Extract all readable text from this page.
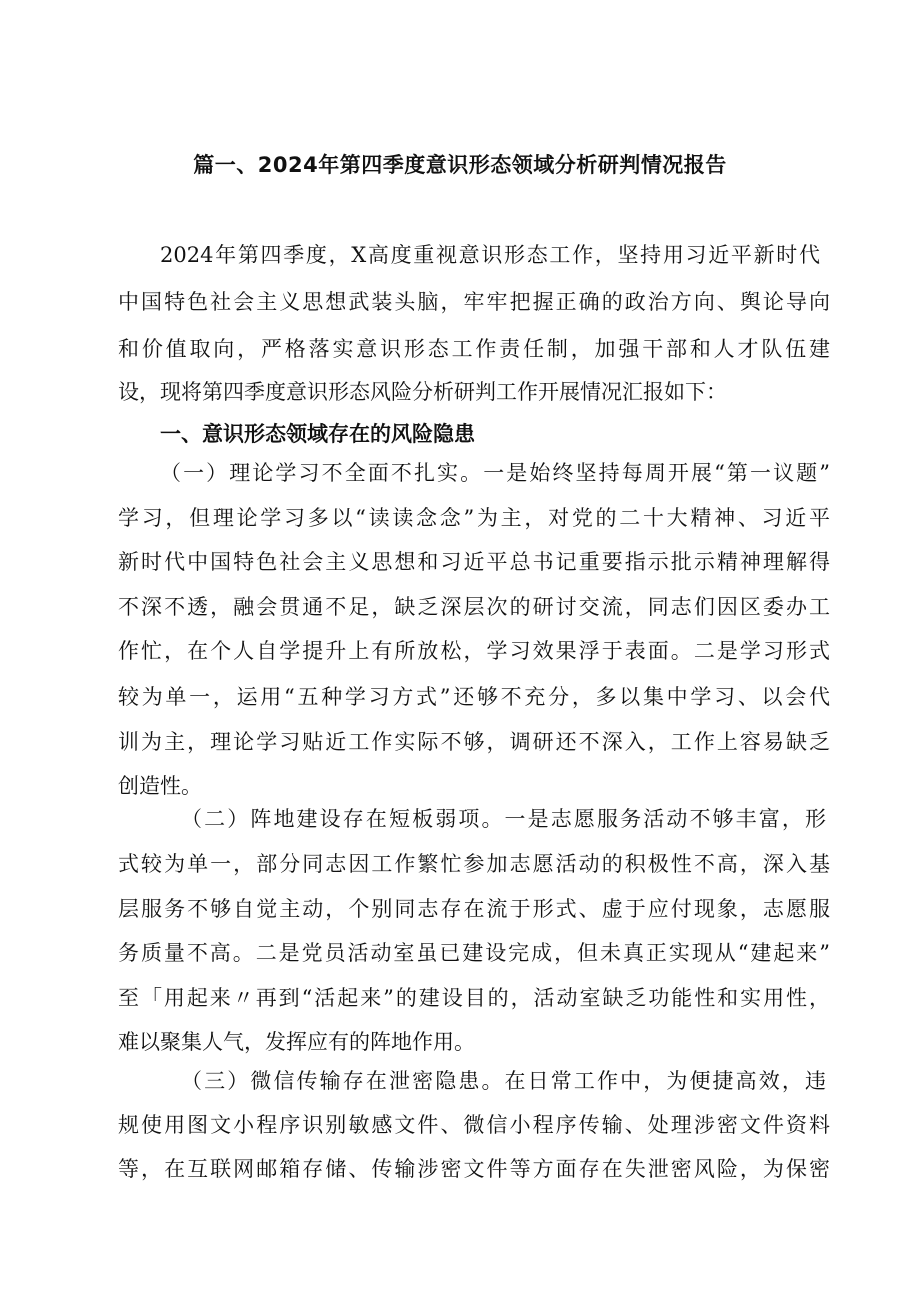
篇一、2024年第四季度意识形态领域分析研判情况报告

2024年第四季度，X高度重视意识形态工作，坚持用习近平新时代

中国特色社会主义思想武装头脑，牢牢把握正确的政治方向、舆论导向

和价值取向，严格落实意识形态工作责任制，加强干部和人才队伍建

设，现将第四季度意识形态风险分析研判工作开展情况汇报如下：

一、意识形态领域存在的风险隐患

（一）理论学习不全面不扎实。一是始终坚持每周开展“第一议题”

学习，但理论学习多以“读读念念”为主，对党的二十大精神、习近平

新时代中国特色社会主义思想和习近平总书记重要指示批示精神理解得

不深不透，融会贯通不足，缺乏深层次的研讨交流，同志们因区委办工

作忙，在个人自学提升上有所放松，学习效果浮于表面。二是学习形式

较为单一，运用“五种学习方式”还够不充分，多以集中学习、以会代

训为主，理论学习贴近工作实际不够，调研还不深入，工作上容易缺乏

创造性。

（二）阵地建设存在短板弱项。一是志愿服务活动不够丰富，形

式较为单一，部分同志因工作繁忙参加志愿活动的积极性不高，深入基

层服务不够自觉主动，个别同志存在流于形式、虚于应付现象，志愿服

务质量不高。二是党员活动室虽已建设完成，但未真正实现从“建起来”

至「用起来〃再到“活起来”的建设目的，活动室缺乏功能性和实用性，

难以聚集人气，发挥应有的阵地作用。

（三）微信传输存在泄密隐患。在日常工作中，为便捷高效，违

规使用图文小程序识别敏感文件、微信小程序传输、处理涉密文件资料

等，在互联网邮箱存储、传输涉密文件等方面存在失泄密风险，为保密
